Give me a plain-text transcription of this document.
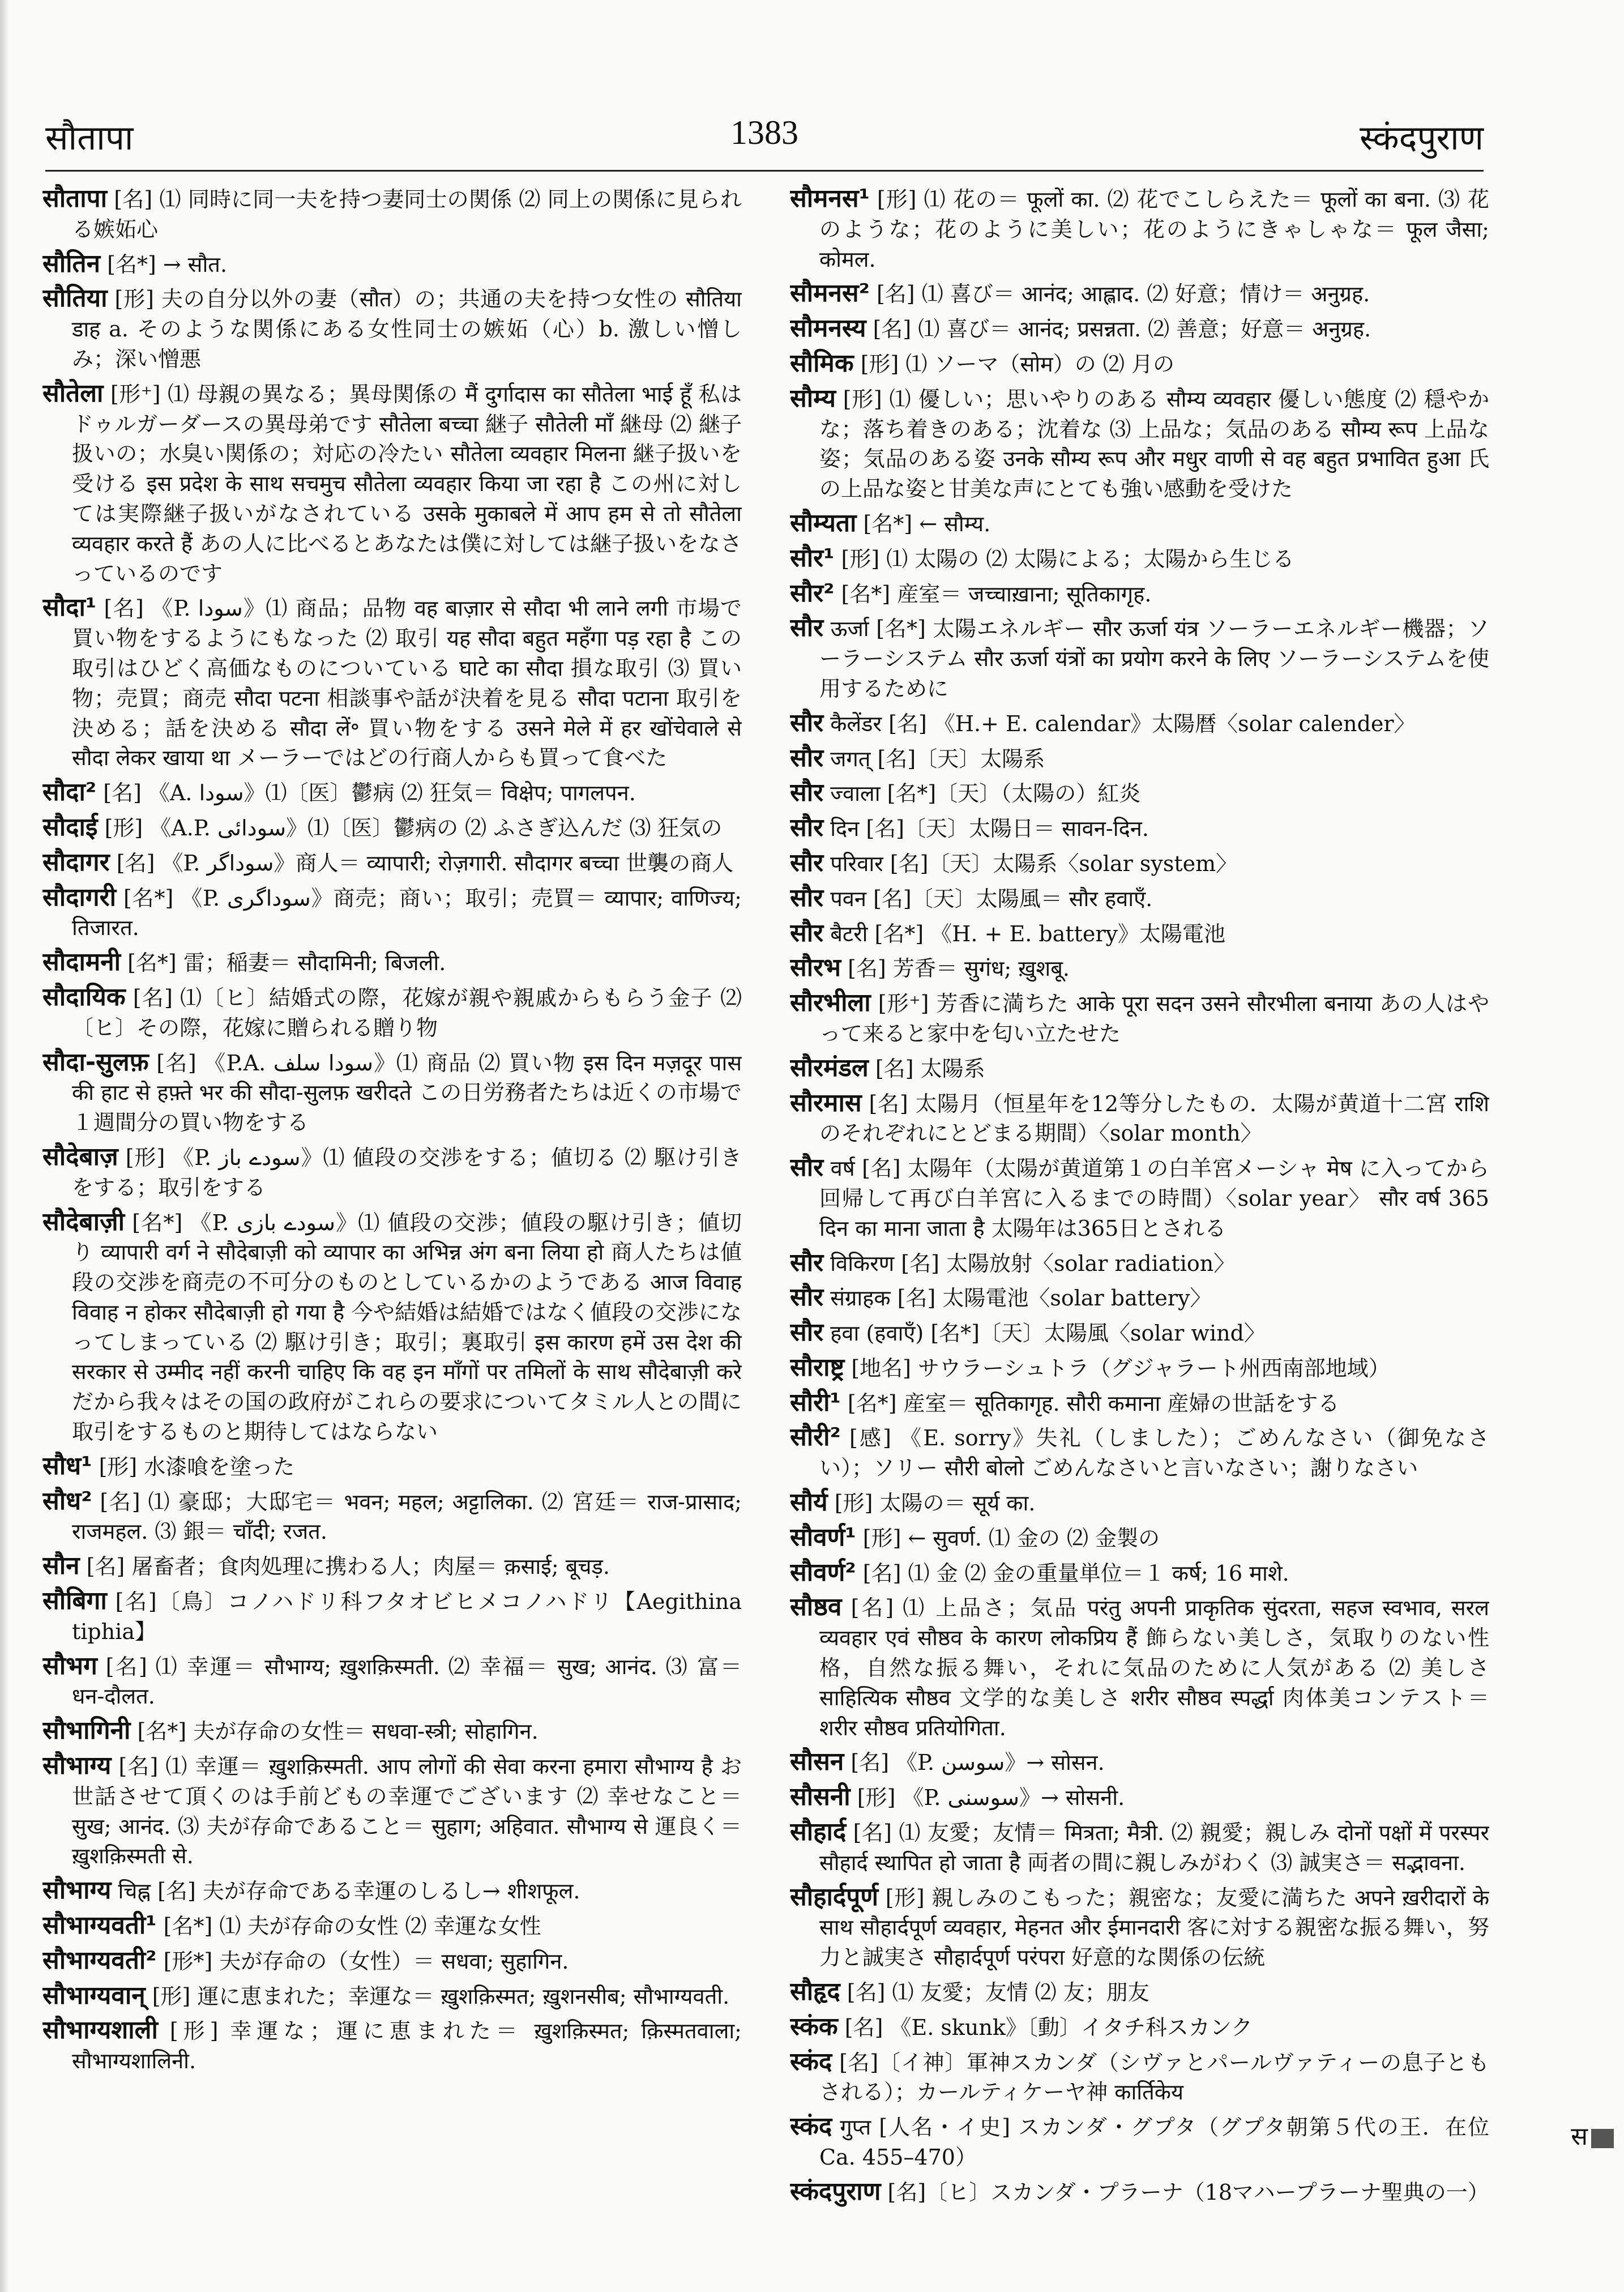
सौतापा	1383	स्कंदपुराण

सौतापा [名] ⑴ 同時に同一夫を持つ妻同士の関係 ⑵ 同上の関係に見られる嫉妬心

सौतिन [名*] → सौत.

सौतिया [形] 夫の自分以外の妻（सौत）の；共通の夫を持つ女性の सौतिया डाह a. そのような関係にある女性同士の嫉妬（心）b. 激しい憎しみ；深い憎悪

सौतेला [形⁺] ⑴ 母親の異なる；異母関係の मैं दुर्गादास का सौतेला भाई हूँ 私はドゥルガーダースの異母弟です सौतेला बच्चा 継子 सौतेली माँ 継母 ⑵ 継子扱いの；水臭い関係の；対応の冷たい सौतेला व्यवहार मिलना 継子扱いを受ける इस प्रदेश के साथ सचमुच सौतेला व्यवहार किया जा रहा है この州に対しては実際継子扱いがなされている उसके मुकाबले में आप हम से तो सौतेला व्यवहार करते हैं あの人に比べるとあなたは僕に対しては継子扱いをなさっているのです

सौदा¹ [名] 《P. سودا》⑴ 商品；品物 वह बाज़ार से सौदा भी लाने लगी 市場で買い物をするようにもなった ⑵ 取引 यह सौदा बहुत महँगा पड़ रहा है この取引はひどく高価なものについている घाटे का सौदा 損な取引 ⑶ 買い物；売買；商売 सौदा पटना 相談事や話が決着を見る सौदा पटाना 取引を決める；話を決める सौदा लें॰ 買い物をする उसने मेले में हर खोंचेवाले से सौदा लेकर खाया था メーラーではどの行商人からも買って食べた

सौदा² [名] 《A. سودا》⑴〔医〕鬱病 ⑵ 狂気＝ विक्षेप; पागलपन.

सौदाई [形] 《A.P. سودائی》⑴〔医〕鬱病の ⑵ ふさぎ込んだ ⑶ 狂気の

सौदागर [名] 《P. سوداگر》商人＝ व्यापारी; रोज़गारी. सौदागर बच्चा 世襲の商人

सौदागरी [名*] 《P. سوداگری》商売；商い；取引；売買＝ व्यापार; वाणिज्य; तिजारत.

सौदामनी [名*] 雷；稲妻＝ सौदामिनी; बिजली.

सौदायिक [名] ⑴〔ヒ〕結婚式の際，花嫁が親や親戚からもらう金子 ⑵〔ヒ〕その際，花嫁に贈られる贈り物

सौदा-सुलफ़ [名] 《P.A. سودا سلف》⑴ 商品 ⑵ 買い物 इस दिन मज़दूर पास की हाट से हफ़्ते भर की सौदा-सुलफ़ खरीदते この日労務者たちは近くの市場で１週間分の買い物をする

सौदेबाज़ [形] 《P. سودے باز》⑴ 値段の交渉をする；値切る ⑵ 駆け引きをする；取引をする

सौदेबाज़ी [名*] 《P. سودے بازی》⑴ 値段の交渉；値段の駆け引き；値切り व्यापारी वर्ग ने सौदेबाज़ी को व्यापार का अभिन्न अंग बना लिया हो 商人たちは値段の交渉を商売の不可分のものとしているかのようである आज विवाह विवाह न होकर सौदेबाज़ी हो गया है 今や結婚は結婚ではなく値段の交渉になってしまっている ⑵ 駆け引き；取引；裏取引 इस कारण हमें उस देश की सरकार से उम्मीद नहीं करनी चाहिए कि वह इन माँगों पर तमिलों के साथ सौदेबाज़ी करे だから我々はその国の政府がこれらの要求についてタミル人との間に取引をするものと期待してはならない

सौध¹ [形] 水漆喰を塗った

सौध² [名] ⑴ 豪邸；大邸宅＝ भवन; महल; अट्टालिका. ⑵ 宮廷＝ राज-प्रासाद; राजमहल. ⑶ 銀＝ चाँदी; रजत.

सौन [名] 屠畜者；食肉処理に携わる人；肉屋＝ क़साई; बूचड़.

सौबिगा [名]〔鳥〕コノハドリ科フタオビヒメコノハドリ【Aegithina tiphia】

सौभग [名] ⑴ 幸運＝ सौभाग्य; ख़ुशक़िस्मती. ⑵ 幸福＝ सुख; आनंद. ⑶ 富＝ धन-दौलत.

सौभागिनी [名*] 夫が存命の女性＝ सधवा-स्त्री; सोहागिन.

सौभाग्य [名] ⑴ 幸運＝ ख़ुशक़िस्मती. आप लोगों की सेवा करना हमारा सौभाग्य है お世話させて頂くのは手前どもの幸運でございます ⑵ 幸せなこと＝ सुख; आनंद. ⑶ 夫が存命であること＝ सुहाग; अहिवात. सौभाग्य से 運良く＝ ख़ुशक़िस्मती से.

सौभाग्य चिह्न [名] 夫が存命である幸運のしるし→ शीशफूल.

सौभाग्यवती¹ [名*] ⑴ 夫が存命の女性 ⑵ 幸運な女性

सौभाग्यवती² [形*] 夫が存命の（女性）＝ सधवा; सुहागिन.

सौभाग्यवान् [形] 運に恵まれた；幸運な＝ ख़ुशक़िस्मत; ख़ुशनसीब; सौभाग्यवती.

सौभाग्यशाली [形] 幸運な；運に恵まれた＝ ख़ुशक़िस्मत; क़िस्मतवाला; सौभाग्यशालिनी.

सौमनस¹ [形] ⑴ 花の＝ फूलों का. ⑵ 花でこしらえた＝ फूलों का बना. ⑶ 花のような；花のように美しい；花のようにきゃしゃな＝ फूल जैसा; कोमल.

सौमनस² [名] ⑴ 喜び＝ आनंद; आह्लाद. ⑵ 好意；情け＝ अनुग्रह.

सौमनस्य [名] ⑴ 喜び＝ आनंद; प्रसन्नता. ⑵ 善意；好意＝ अनुग्रह.

सौमिक [形] ⑴ ソーマ（सोम）の ⑵ 月の

सौम्य [形] ⑴ 優しい；思いやりのある सौम्य व्यवहार 優しい態度 ⑵ 穏やかな；落ち着きのある；沈着な ⑶ 上品な；気品のある सौम्य रूप 上品な姿；気品のある姿 उनके सौम्य रूप और मधुर वाणी से वह बहुत प्रभावित हुआ 氏の上品な姿と甘美な声にとても強い感動を受けた

सौम्यता [名*] ← सौम्य.

सौर¹ [形] ⑴ 太陽の ⑵ 太陽による；太陽から生じる

सौर² [名*] 産室＝ जच्चाख़ाना; सूतिकागृह.

सौर ऊर्जा [名*] 太陽エネルギー सौर ऊर्जा यंत्र ソーラーエネルギー機器；ソーラーシステム सौर ऊर्जा यंत्रों का प्रयोग करने के लिए ソーラーシステムを使用するために

सौर कैलेंडर [名] 《H.+ E. calendar》太陽暦〈solar calender〉

सौर जगत् [名]〔天〕太陽系

सौर ज्वाला [名*]〔天〕（太陽の）紅炎

सौर दिन [名]〔天〕太陽日＝ सावन-दिन.

सौर परिवार [名]〔天〕太陽系〈solar system〉

सौर पवन [名]〔天〕太陽風＝ सौर हवाएँ.

सौर बैटरी [名*] 《H. + E. battery》太陽電池

सौरभ [名] 芳香＝ सुगंध; ख़ुशबू.

सौरभीला [形⁺] 芳香に満ちた आके पूरा सदन उसने सौरभीला बनाया あの人はやって来ると家中を匂い立たせた

सौरमंडल [名] 太陽系

सौरमास [名] 太陽月（恒星年を12等分したもの．太陽が黄道十二宮 राशि のそれぞれにとどまる期間）〈solar month〉

सौर वर्ष [名] 太陽年（太陽が黄道第１の白羊宮メーシャ मेष に入ってから回帰して再び白羊宮に入るまでの時間）〈solar year〉 सौर वर्ष 365 दिन का माना जाता है 太陽年は365日とされる

सौर विकिरण [名] 太陽放射〈solar radiation〉

सौर संग्राहक [名] 太陽電池〈solar battery〉

सौर हवा (हवाएँ) [名*]〔天〕太陽風〈solar wind〉

सौराष्ट्र [地名] サウラーシュトラ（グジャラート州西南部地域）

सौरी¹ [名*] 産室＝ सूतिकागृह. सौरी कमाना 産婦の世話をする

सौरी² [感] 《E. sorry》失礼（しました）；ごめんなさい（御免なさい）；ソリー सौरी बोलो ごめんなさいと言いなさい；謝りなさい

सौर्य [形] 太陽の＝ सूर्य का.

सौवर्ण¹ [形] ← सुवर्ण. ⑴ 金の ⑵ 金製の

सौवर्ण² [名] ⑴ 金 ⑵ 金の重量単位＝１ कर्ष; 16 माशे.

सौष्ठव [名] ⑴ 上品さ；気品 परंतु अपनी प्राकृतिक सुंदरता, सहज स्वभाव, सरल व्यवहार एवं सौष्ठव के कारण लोकप्रिय हैं 飾らない美しさ，気取りのない性格，自然な振る舞い，それに気品のために人気がある ⑵ 美しさ साहित्यिक सौष्ठव 文学的な美しさ शरीर सौष्ठव स्पर्द्धा 肉体美コンテスト＝ शरीर सौष्ठव प्रतियोगिता.

सौसन [名] 《P. سوسن》→ सोसन.

सौसनी [形] 《P. سوسنی》→ सोसनी.

सौहार्द [名] ⑴ 友愛；友情＝ मित्रता; मैत्री. ⑵ 親愛；親しみ दोनों पक्षों में परस्पर सौहार्द स्थापित हो जाता है 両者の間に親しみがわく ⑶ 誠実さ＝ सद्भावना.

सौहार्दपूर्ण [形] 親しみのこもった；親密な；友愛に満ちた अपने ख़रीदारों के साथ सौहार्दपूर्ण व्यवहार, मेहनत और ईमानदारी 客に対する親密な振る舞い，努力と誠実さ सौहार्दपूर्ण परंपरा 好意的な関係の伝統

सौहृद [名] ⑴ 友愛；友情 ⑵ 友；朋友

स्कंक [名] 《E. skunk》〔動〕イタチ科スカンク

स्कंद [名]〔イ神〕軍神スカンダ（シヴァとパールヴァティーの息子ともされる）；カールティケーヤ神 कार्तिकेय

स्कंद गुप्त [人名・イ史] スカンダ・グプタ（グプタ朝第５代の王．在位 Ca. 455–470）

स्कंदपुराण [名]〔ヒ〕スカンダ・プラーナ（18マハープラーナ聖典の一）

स
